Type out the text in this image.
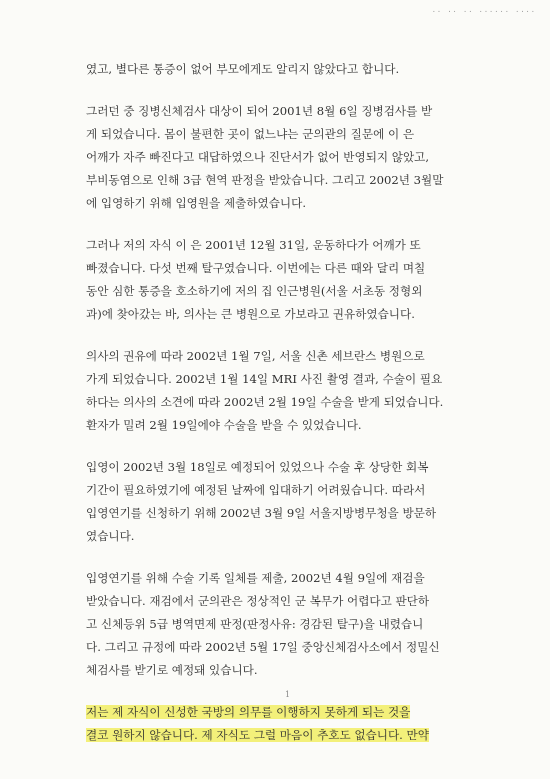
·· ·· ·· ······ ····
였고, 별다른 통증이 없어 부모에게도 알리지 않았다고 합니다.
그러던 중 징병신체검사 대상이 되어 2001년 8월 6일 징병검사를 받
게 되었습니다. 몸이 불편한 곳이 없느냐는 군의관의 질문에 이 은
어깨가 자주 빠진다고 대답하였으나 진단서가 없어 반영되지 않았고,
부비동염으로 인해 3급 현역 판정을 받았습니다. 그리고 2002년 3월말
에 입영하기 위해 입영원을 제출하였습니다.
그러나 저의 자식 이 은 2001년 12월 31일, 운동하다가 어깨가 또
빠졌습니다. 다섯 번째 탈구였습니다. 이번에는 다른 때와 달리 며칠
동안 심한 통증을 호소하기에 저의 집 인근병원(서울 서초동 정형외
과)에 찾아갔는 바, 의사는 큰 병원으로 가보라고 권유하였습니다.
의사의 권유에 따라 2002년 1월 7일, 서울 신촌 세브란스 병원으로
가게 되었습니다. 2002년 1월 14일 MRI 사진 촬영 결과, 수술이 필요
하다는 의사의 소견에 따라 2002년 2월 19일 수술을 받게 되었습니다.
환자가 밀려 2월 19일에야 수술을 받을 수 있었습니다.
입영이 2002년 3월 18일로 예정되어 있었으나 수술 후 상당한 회복
기간이 필요하였기에 예정된 날짜에 입대하기 어려웠습니다. 따라서
입영연기를 신청하기 위해 2002년 3월 9일 서울지방병무청을 방문하
였습니다.
입영연기를 위해 수술 기록 일체를 제출, 2002년 4월 9일에 재검을
받았습니다. 재검에서 군의관은 정상적인 군 복무가 어렵다고 판단하
고 신체등위 5급 병역면제 판정(판정사유: 경감된 탈구)을 내렸습니
다. 그리고 규정에 따라 2002년 5월 17일 중앙신체검사소에서 정밀신
체검사를 받기로 예정돼 있습니다.
저는 제 자식이 신성한 국방의 의무를 이행하지 못하게 되는 것을
결코 원하지 않습니다. 제 자식도 그럴 마음이 추호도 없습니다. 만약
1
